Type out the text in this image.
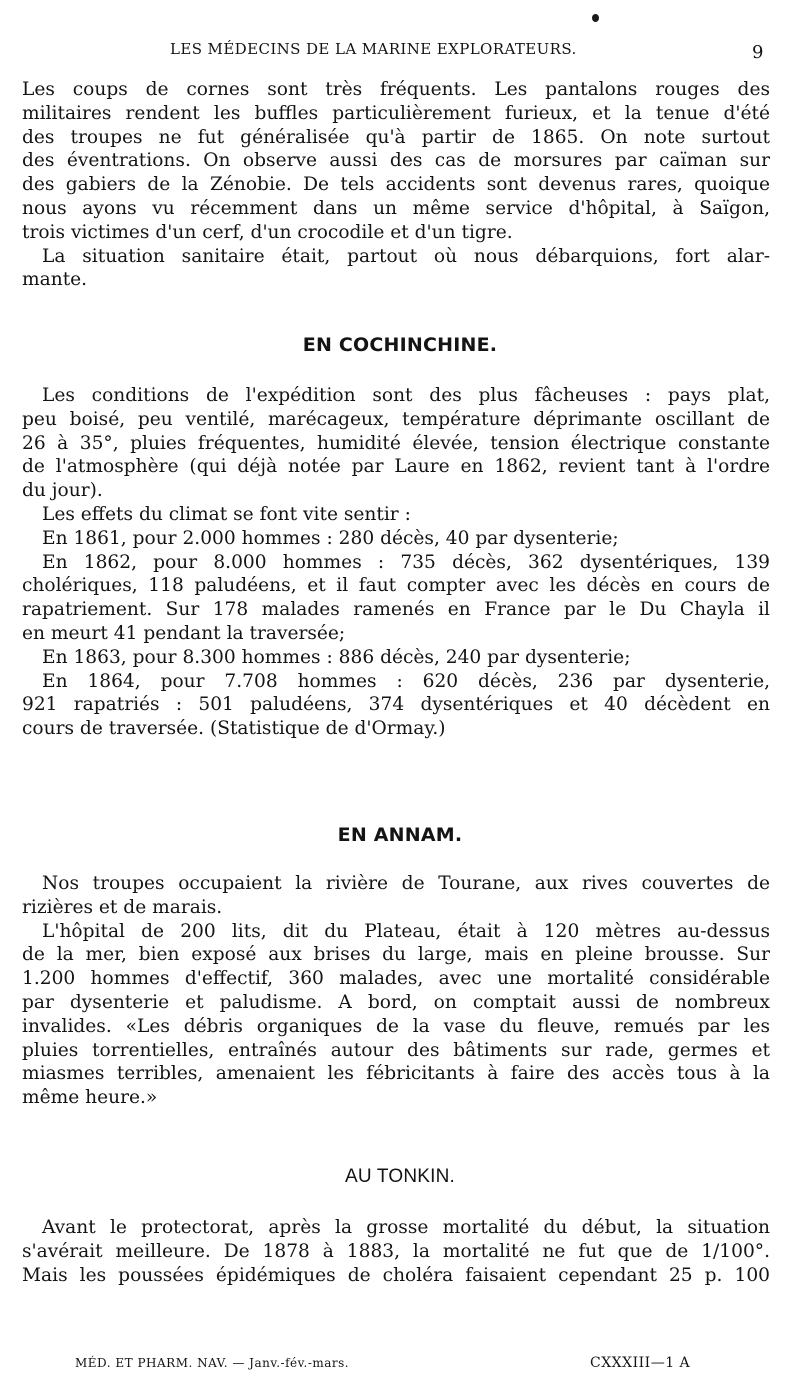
LES MÉDECINS DE LA MARINE EXPLORATEURS.	9
Les coups de cornes sont très fréquents. Les pantalons rouges des
militaires rendent les buffles particulièrement furieux, et la tenue d'été
des troupes ne fut généralisée qu'à partir de 1865. On note surtout
des éventrations. On observe aussi des cas de morsures par caïman sur
des gabiers de la Zénobie. De tels accidents sont devenus rares, quoique
nous ayons vu récemment dans un même service d'hôpital, à Saïgon,
trois victimes d'un cerf, d'un crocodile et d'un tigre.
La situation sanitaire était, partout où nous débarquions, fort alar-
mante.
EN COCHINCHINE.
Les conditions de l'expédition sont des plus fâcheuses : pays plat,
peu boisé, peu ventilé, marécageux, température déprimante oscillant de
26 à 35°, pluies fréquentes, humidité élevée, tension électrique constante
de l'atmosphère (qui déjà notée par Laure en 1862, revient tant à l'ordre
du jour).
Les effets du climat se font vite sentir :
En 1861, pour 2.000 hommes : 280 décès, 40 par dysenterie;
En 1862, pour 8.000 hommes : 735 décès, 362 dysentériques, 139
cholériques, 118 paludéens, et il faut compter avec les décès en cours de
rapatriement. Sur 178 malades ramenés en France par le Du Chayla il
en meurt 41 pendant la traversée;
En 1863, pour 8.300 hommes : 886 décès, 240 par dysenterie;
En 1864, pour 7.708 hommes : 620 décès, 236 par dysenterie,
921 rapatriés : 501 paludéens, 374 dysentériques et 40 décèdent en
cours de traversée. (Statistique de d'Ormay.)
EN ANNAM.
Nos troupes occupaient la rivière de Tourane, aux rives couvertes de
rizières et de marais.
L'hôpital de 200 lits, dit du Plateau, était à 120 mètres au-dessus
de la mer, bien exposé aux brises du large, mais en pleine brousse. Sur
1.200 hommes d'effectif, 360 malades, avec une mortalité considérable
par dysenterie et paludisme. A bord, on comptait aussi de nombreux
invalides. «Les débris organiques de la vase du fleuve, remués par les
pluies torrentielles, entraînés autour des bâtiments sur rade, germes et
miasmes terribles, amenaient les fébricitants à faire des accès tous à la
même heure.»
AU TONKIN.
Avant le protectorat, après la grosse mortalité du début, la situation
s'avérait meilleure. De 1878 à 1883, la mortalité ne fut que de 1/100°.
Mais les poussées épidémiques de choléra faisaient cependant 25 p. 100
MÉD. ET PHARM. NAV. — Janv.-fév.-mars.	CXXXIII—1 A
